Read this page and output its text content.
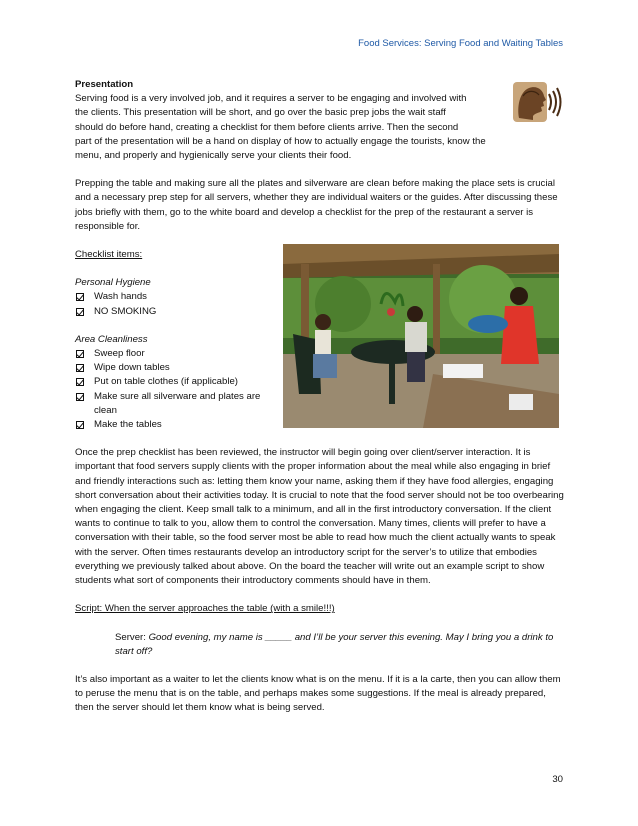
Food Services: Serving Food and Waiting Tables

Presentation

Serving food is a very involved job, and it requires a server to be engaging and involved with

the clients. This presentation will be short, and go over the basic prep jobs the wait staff

should do before hand, creating a checklist for them before clients arrive. Then the second

part of the presentation will be a hand on display of how to actually engage the tourists, know the

menu, and properly and hygienically serve your clients their food.

Prepping the table and making sure all the plates and silverware are clean before making the place sets is crucial and a necessary prep step for all servers, whether they are individual waiters or the guides. After discussing these jobs briefly with them, go to the white board and develop a checklist for the prep of the restaurant a server is responsible for.

Checklist items:

Personal Hygiene

Wash hands
NO SMOKING

Area Cleanliness

Sweep floor
Wipe down tables
Put on table clothes (if applicable)
Make sure all silverware and plates are clean
Make the tables

Once the prep checklist has been reviewed, the instructor will begin going over client/server interaction. It is important that food servers supply clients with the proper information about the meal while also engaging in brief and friendly interactions such as: letting them know your name, asking them if they have food allergies, engaging short conversation about their activities today. It is crucial to note that the food server should not be too overbearing when engaging the client. Keep small talk to a minimum, and all in the first introductory conversation. If the client wants to continue to talk to you, allow them to control the conversation. Many times, clients will prefer to have a conversation with their table, so the food server most be able to read how much the client actually wants to speak with the server. Often times restaurants develop an introductory script for the server’s to utilize that embodies everything we previously talked about above. On the board the teacher will write out an example script to show students what sort of components their introductory comments should have in them.

Script: When the server approaches the table (with a smile!!!)

Server: Good evening, my name is _____ and I’ll be your server this evening. May I bring you a drink to start off?

It’s also important as a waiter to let the clients know what is on the menu. If it is a la carte, then you can allow them to peruse the menu that is on the table, and perhaps makes some suggestions. If the meal is already prepared, then the server should let them know what is being served.

30
